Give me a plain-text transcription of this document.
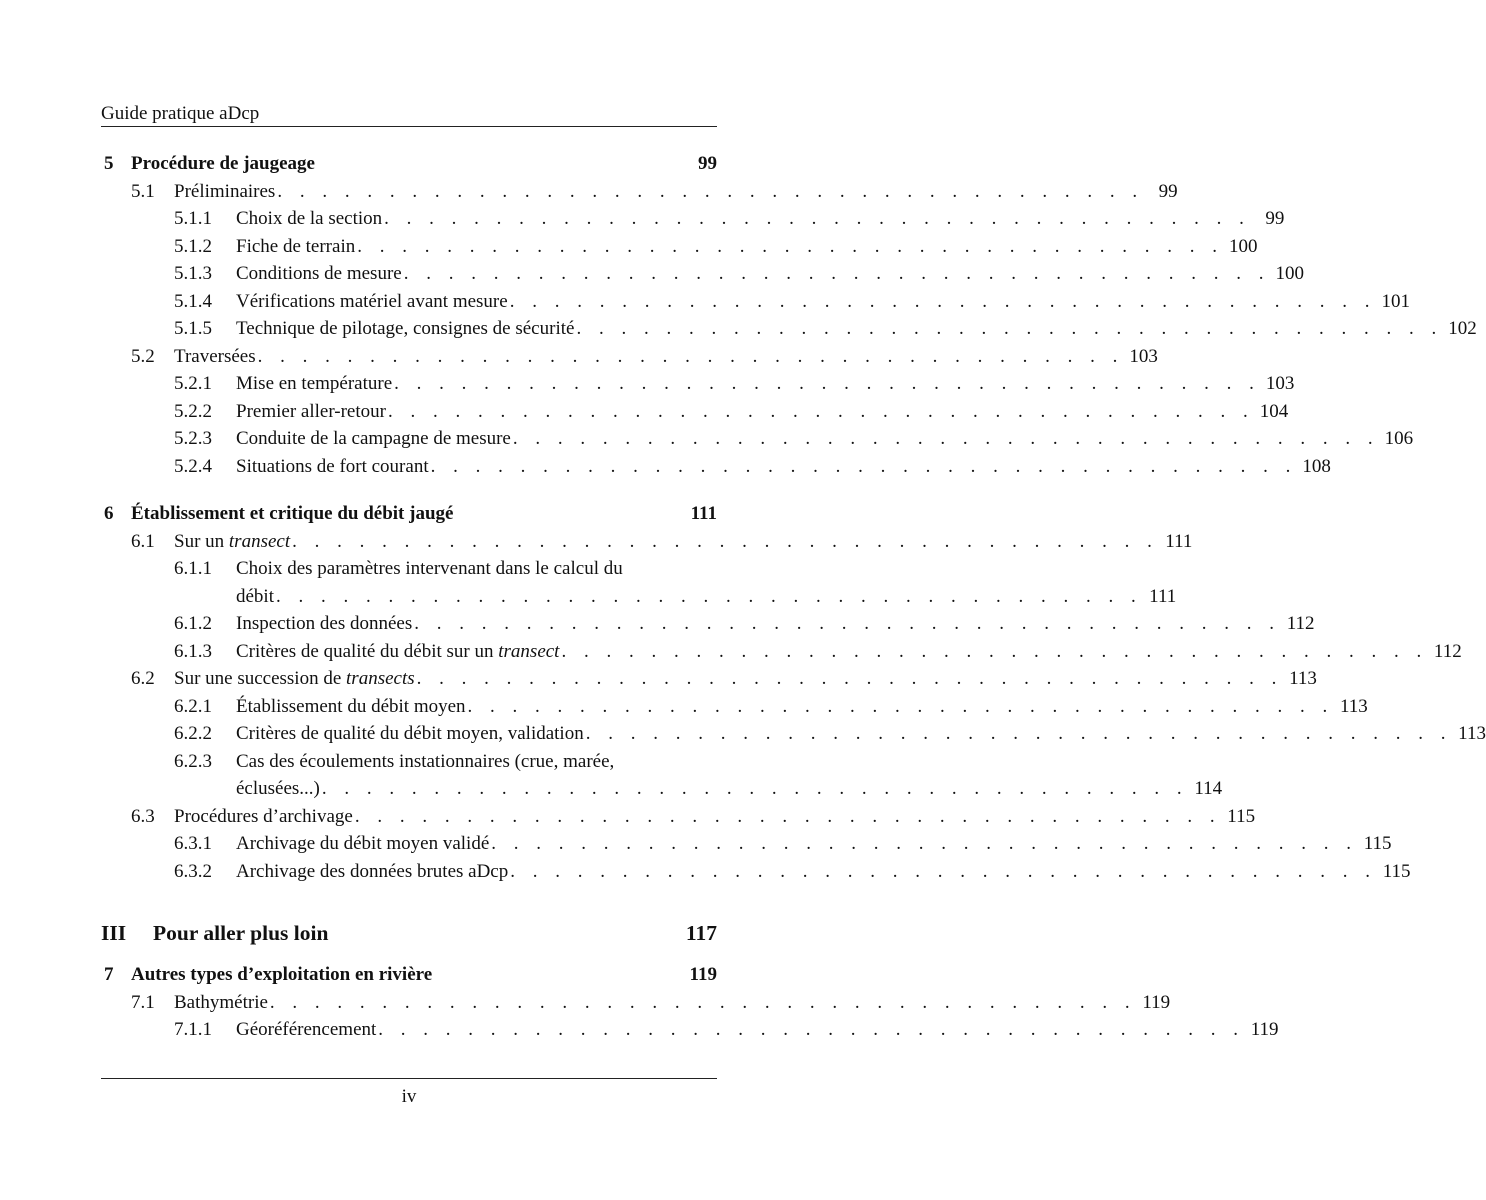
Guide pratique aDcp
5 Procédure de jaugeage	99
5.1 Préliminaires . . . . . . . . . . . . . . . . . . . . . . . . . . . . . . . . . . . . . . . 99
5.1.1 Choix de la section . . . . . . . . . . . . . . . . . . . . . . . . . . . . . . . . . . . . . . . 99
5.1.2 Fiche de terrain . . . . . . . . . . . . . . . . . . . . . . . . . . . . . . . . . . . . . . . 100
5.1.3 Conditions de mesure . . . . . . . . . . . . . . . . . . . . . . . . . . . . . . . . . . . . . . . 100
5.1.4 Vérifications matériel avant mesure . . . . . . . . . . . . . . . . . . . . . . . . . . . . . . . . . . . . . . . 101
5.1.5 Technique de pilotage, consignes de sécurité . . . . . . . . . . . . . . . . . . . . . . . . . . . . . . . . . . . . . . . 102
5.2 Traversées . . . . . . . . . . . . . . . . . . . . . . . . . . . . . . . . . . . . . . . 103
5.2.1 Mise en température . . . . . . . . . . . . . . . . . . . . . . . . . . . . . . . . . . . . . . . 103
5.2.2 Premier aller-retour . . . . . . . . . . . . . . . . . . . . . . . . . . . . . . . . . . . . . . . 104
5.2.3 Conduite de la campagne de mesure . . . . . . . . . . . . . . . . . . . . . . . . . . . . . . . . . . . . . . . 106
5.2.4 Situations de fort courant . . . . . . . . . . . . . . . . . . . . . . . . . . . . . . . . . . . . . . . 108
6 Établissement et critique du débit jaugé	111
6.1 Sur un transect . . . . . . . . . . . . . . . . . . . . . . . . . . . . . . . . . . . . . . . 111
6.1.1 Choix des paramètres intervenant dans le calcul du
débit . . . . . . . . . . . . . . . . . . . . . . . . . . . . . . . . . . . . . . . 111
6.1.2 Inspection des données . . . . . . . . . . . . . . . . . . . . . . . . . . . . . . . . . . . . . . . 112
6.1.3 Critères de qualité du débit sur un transect . . . . . . . . . . . . . . . . . . . . . . . . . . . . . . . . . . . . . . . 112
6.2 Sur une succession de transects . . . . . . . . . . . . . . . . . . . . . . . . . . . . . . . . . . . . . . . 113
6.2.1 Établissement du débit moyen . . . . . . . . . . . . . . . . . . . . . . . . . . . . . . . . . . . . . . . 113
6.2.2 Critères de qualité du débit moyen, validation . . . . . . . . . . . . . . . . . . . . . . . . . . . . . . . . . . . . . . . 113
6.2.3 Cas des écoulements instationnaires (crue, marée,
éclusées...) . . . . . . . . . . . . . . . . . . . . . . . . . . . . . . . . . . . . . . . 114
6.3 Procédures d’archivage . . . . . . . . . . . . . . . . . . . . . . . . . . . . . . . . . . . . . . . 115
6.3.1 Archivage du débit moyen validé . . . . . . . . . . . . . . . . . . . . . . . . . . . . . . . . . . . . . . . 115
6.3.2 Archivage des données brutes aDcp . . . . . . . . . . . . . . . . . . . . . . . . . . . . . . . . . . . . . . . 115
III Pour aller plus loin	117
7 Autres types d’exploitation en rivière	119
7.1 Bathymétrie . . . . . . . . . . . . . . . . . . . . . . . . . . . . . . . . . . . . . . . 119
7.1.1 Géoréférencement . . . . . . . . . . . . . . . . . . . . . . . . . . . . . . . . . . . . . . . 119
iv
